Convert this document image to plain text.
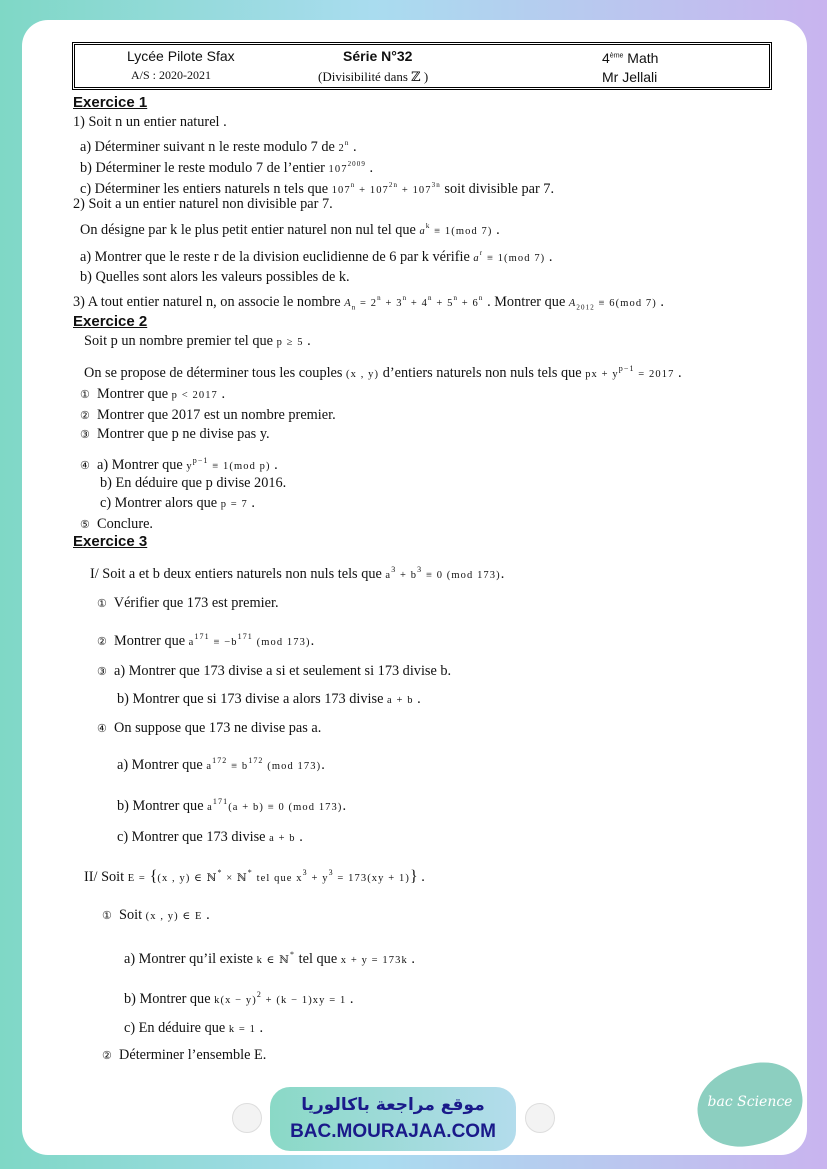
Lycée Pilote Sfax
A/S : 2020-2021
Série N°32
(Divisibilité dans ℤ )
4ème Math
Mr Jellali
Exercice 1
1) Soit n un entier naturel .
a) Déterminer suivant n le reste modulo 7 de 2$^n$ .
b) Déterminer le reste modulo 7 de l’entier $107^{2009}$ .
c) Déterminer les entiers naturels n tels que $107^n + 107^{2n} + 107^{3n}$ soit divisible par 7.
2) Soit a un entier naturel non divisible par 7.
On désigne par k le plus petit entier naturel non nul tel que $a^k \equiv 1(mod$ 7) .
a) Montrer que le reste r de la division euclidienne de 6 par k vérifie $a^r \equiv 1(mod$ 7) .
b) Quelles sont alors les valeurs possibles de k.
3) A tout entier naturel n, on associe le nombre $A_n = 2^n + 3^n + 4^n + 5^n + 6^n$ . Montrer que $A_{2012} \equiv 6(mod$ 7) .
Exercice 2
Soit p un nombre premier tel que p ≥ 5 .
On se propose de déterminer tous les couples (x , y) d’entiers naturels non nuls tels que px + $y^{p-1} = 2017$ .
① Montrer que p < 2017 .
② Montrer que 2017 est un nombre premier.
③ Montrer que p ne divise pas y.
④ a) Montrer que $y^{p-1} \equiv 1(mod$ p) .
b) En déduire que p divise 2016.
c) Montrer alors que p = 7 .
⑤ Conclure.
Exercice 3
I/ Soit a et b deux entiers naturels non nuls tels que $a^3 + b^3 \equiv 0$ (mod 173).
① Vérifier que 173 est premier.
② Montrer que $a^{171} \equiv -b^{171}$ (mod 173).
③ a) Montrer que 173 divise a si et seulement si 173 divise b.
b) Montrer que si 173 divise a alors 173 divise a + b .
④ On suppose que 173 ne divise pas a.
a) Montrer que $a^{172} \equiv b^{172}$ (mod 173).
b) Montrer que $a^{171}(a + b) \equiv 0$ (mod 173).
c) Montrer que 173 divise a + b .
II/ Soit E = {(x , y) ∈ ℕ* × ℕ* tel que $x^3 + y^3 = 173(xy + 1)$} .
① Soit (x , y) ∈ E .
a) Montrer qu’il existe k ∈ ℕ* tel que x + y = 173k .
b) Montrer que $k(x - y)^2 + (k - 1)xy = 1$ .
c) En déduire que k = 1 .
② Déterminer l’ensemble E.
موقع مراجعة باكالوريا
BAC.MOURAJAA.COM
bac Science
